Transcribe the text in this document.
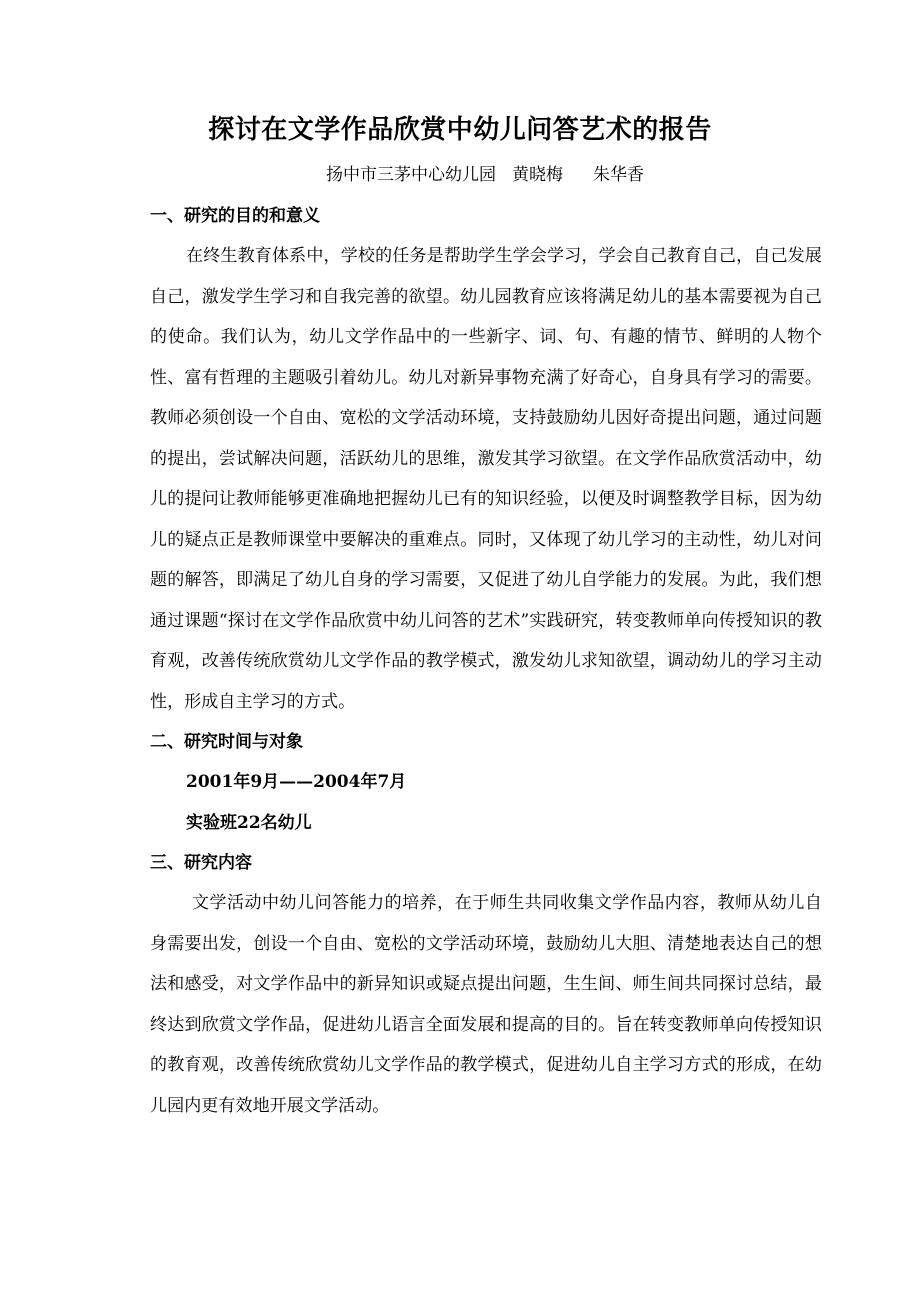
探讨在文学作品欣赏中幼儿问答艺术的报告
扬中市三茅中心幼儿园 黄晓梅 朱华香

一、研究的目的和意义

在终生教育体系中，学校的任务是帮助学生学会学习，学会自己教育自己，自己发展自己，激发学生学习和自我完善的欲望。幼儿园教育应该将满足幼儿的基本需要视为自己的使命。我们认为，幼儿文学作品中的一些新字、词、句、有趣的情节、鲜明的人物个性、富有哲理的主题吸引着幼儿。幼儿对新异事物充满了好奇心，自身具有学习的需要。教师必须创设一个自由、宽松的文学活动环境，支持鼓励幼儿因好奇提出问题，通过问题的提出，尝试解决问题，活跃幼儿的思维，激发其学习欲望。在文学作品欣赏活动中，幼儿的提问让教师能够更准确地把握幼儿已有的知识经验，以便及时调整教学目标，因为幼儿的疑点正是教师课堂中要解决的重难点。同时，又体现了幼儿学习的主动性，幼儿对问题的解答，即满足了幼儿自身的学习需要，又促进了幼儿自学能力的发展。为此，我们想通过课题“探讨在文学作品欣赏中幼儿问答的艺术”实践研究，转变教师单向传授知识的教育观，改善传统欣赏幼儿文学作品的教学模式，激发幼儿求知欲望，调动幼儿的学习主动性，形成自主学习的方式。

二、研究时间与对象

2001年9月——2004年7月

实验班22名幼儿

三、研究内容

文学活动中幼儿问答能力的培养，在于师生共同收集文学作品内容，教师从幼儿自身需要出发，创设一个自由、宽松的文学活动环境，鼓励幼儿大胆、清楚地表达自己的想法和感受，对文学作品中的新异知识或疑点提出问题，生生间、师生间共同探讨总结，最终达到欣赏文学作品，促进幼儿语言全面发展和提高的目的。旨在转变教师单向传授知识的教育观，改善传统欣赏幼儿文学作品的教学模式，促进幼儿自主学习方式的形成，在幼儿园内更有效地开展文学活动。
